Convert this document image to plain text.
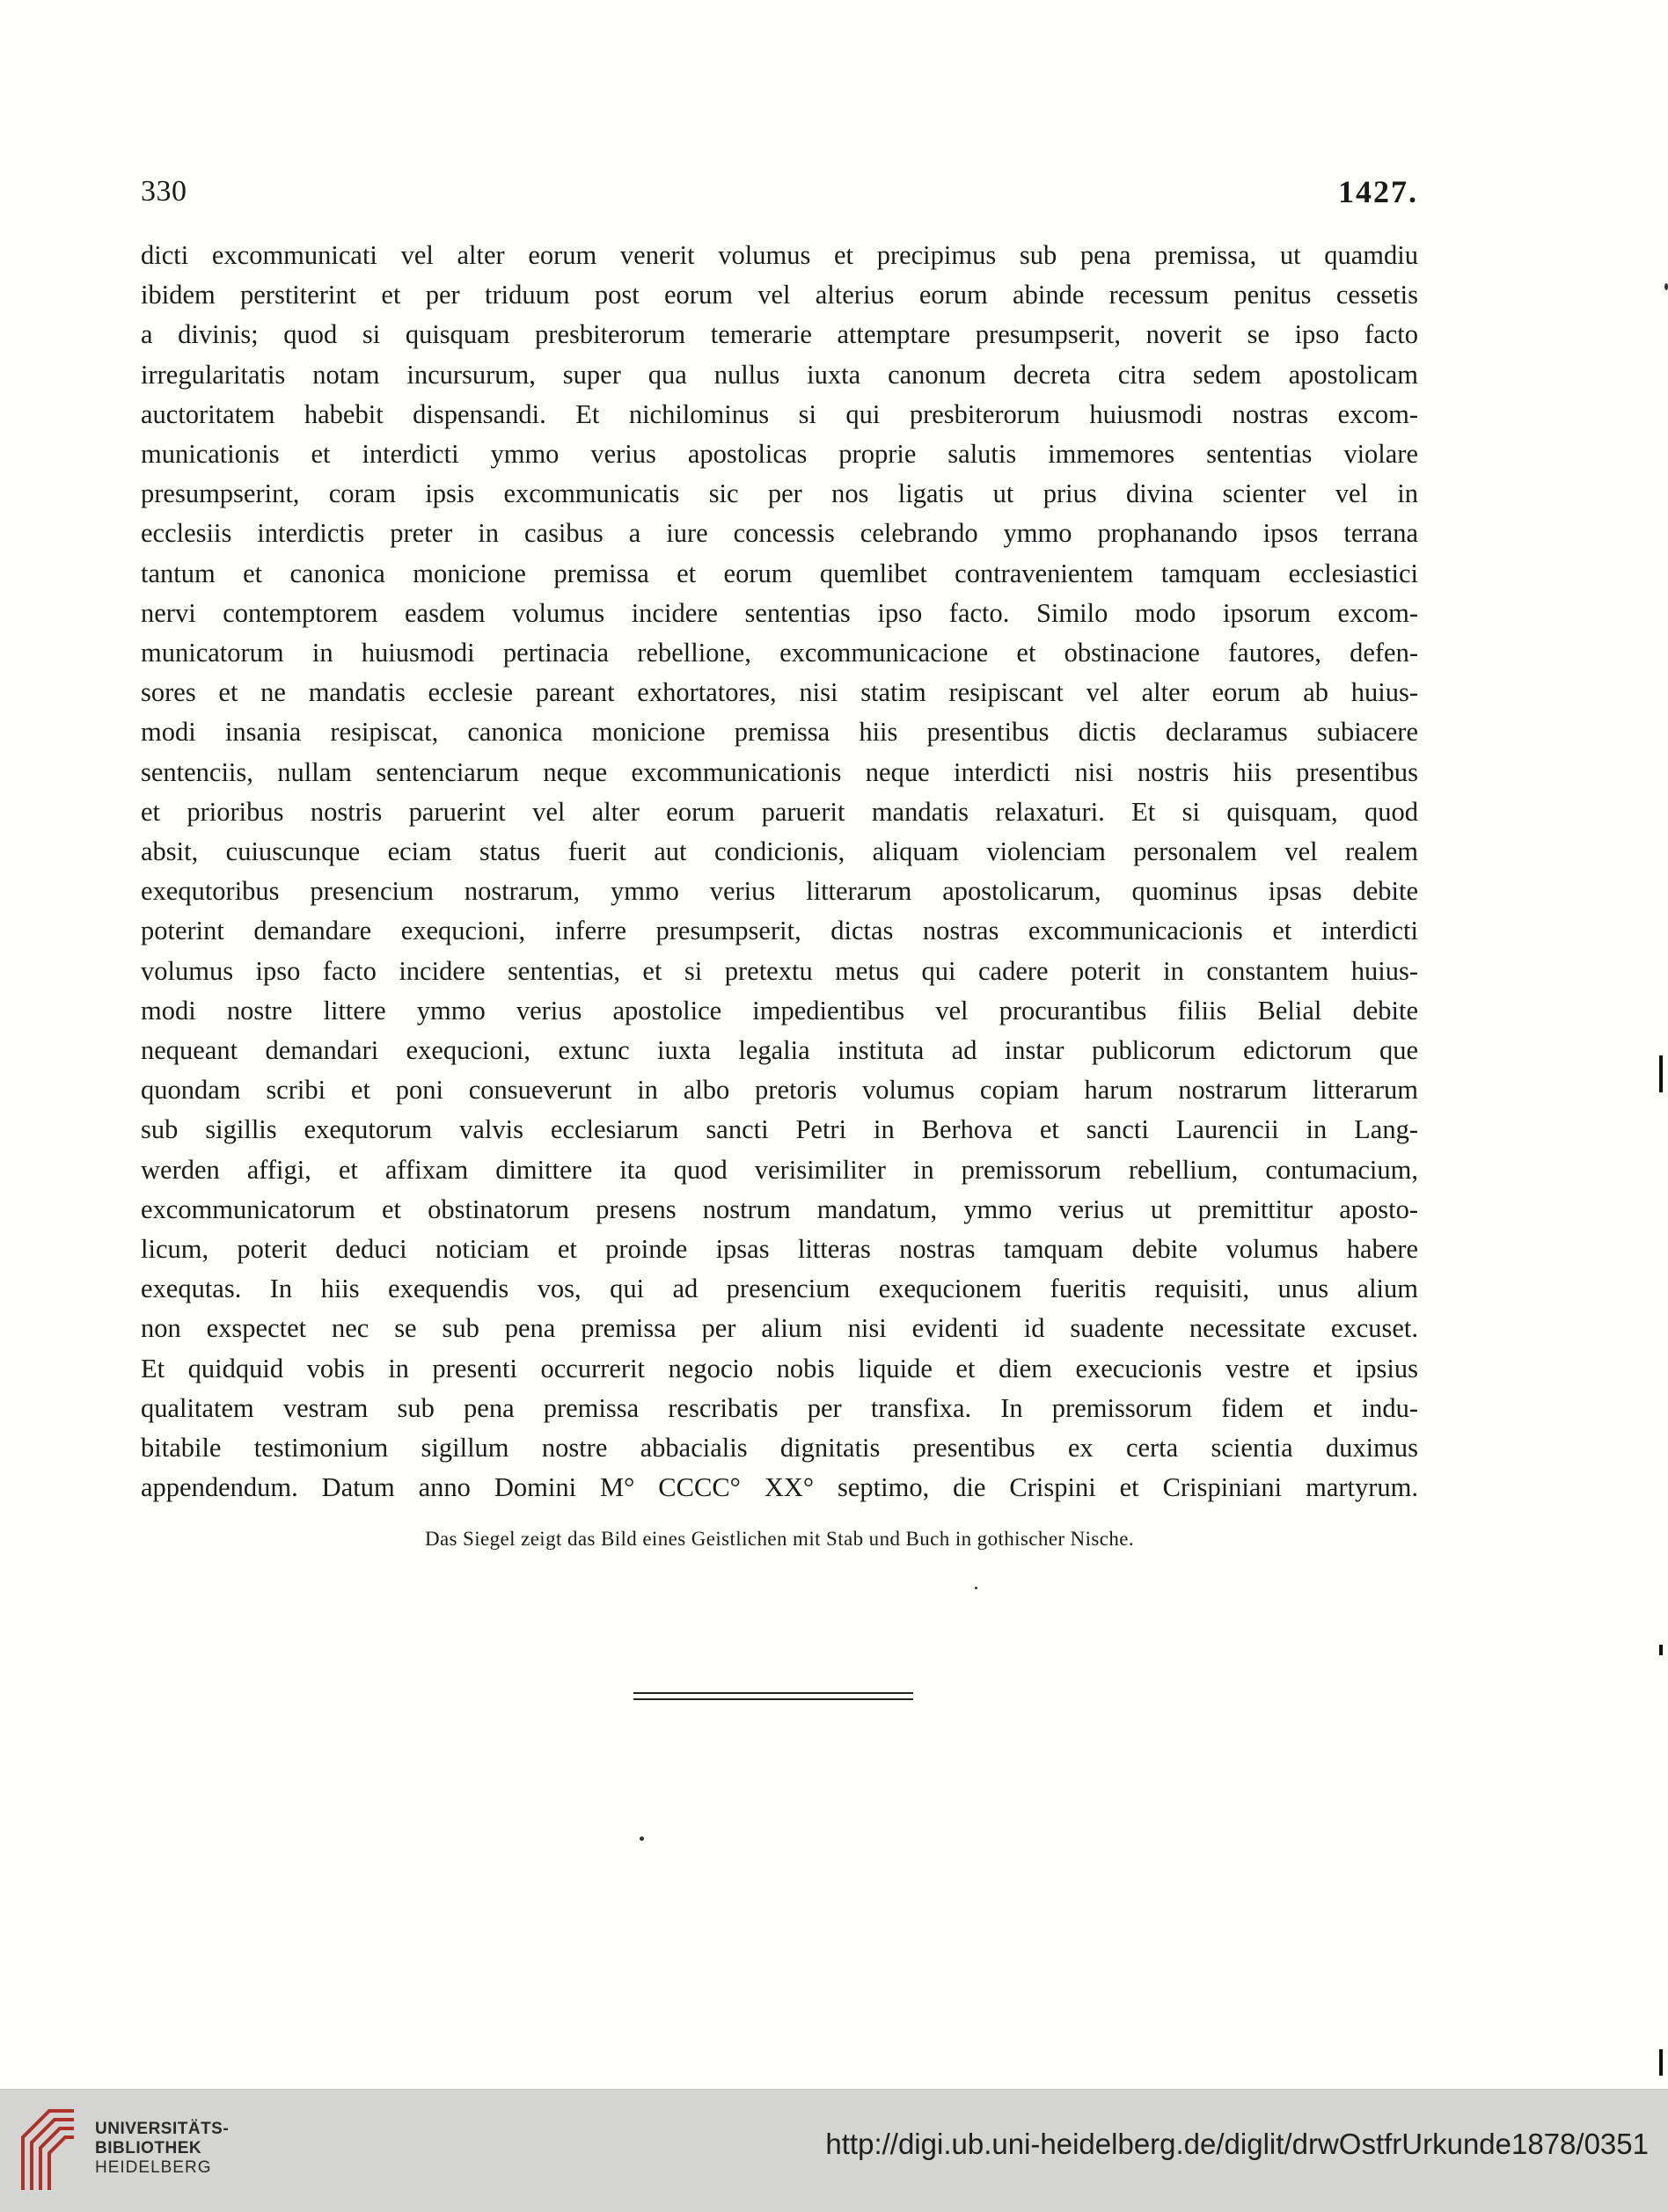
330	1427.
dicti excommunicati vel alter eorum venerit volumus et precipimus sub pena premissa, ut quamdiu
ibidem perstiterint et per triduum post eorum vel alterius eorum abinde recessum penitus cessetis
a divinis; quod si quisquam presbiterorum temerarie attemptare presumpserit, noverit se ipso facto
irregularitatis notam incursurum, super qua nullus iuxta canonum decreta citra sedem apostolicam
auctoritatem habebit dispensandi. Et nichilominus si qui presbiterorum huiusmodi nostras excom-
municationis et interdicti ymmo verius apostolicas proprie salutis immemores sententias violare
presumpserint, coram ipsis excommunicatis sic per nos ligatis ut prius divina scienter vel in
ecclesiis interdictis preter in casibus a iure concessis celebrando ymmo prophanando ipsos terrana
tantum et canonica monicione premissa et eorum quemlibet contravenientem tamquam ecclesiastici
nervi contemptorem easdem volumus incidere sententias ipso facto. Similo modo ipsorum excom-
municatorum in huiusmodi pertinacia rebellione, excommunicacione et obstinacione fautores, defen-
sores et ne mandatis ecclesie pareant exhortatores, nisi statim resipiscant vel alter eorum ab huius-
modi insania resipiscat, canonica monicione premissa hiis presentibus dictis declaramus subiacere
sentenciis, nullam sentenciarum neque excommunicationis neque interdicti nisi nostris hiis presentibus
et prioribus nostris paruerint vel alter eorum paruerit mandatis relaxaturi. Et si quisquam, quod
absit, cuiuscunque eciam status fuerit aut condicionis, aliquam violenciam personalem vel realem
exequtoribus presencium nostrarum, ymmo verius litterarum apostolicarum, quominus ipsas debite
poterint demandare exequcioni, inferre presumpserit, dictas nostras excommunicacionis et interdicti
volumus ipso facto incidere sententias, et si pretextu metus qui cadere poterit in constantem huius-
modi nostre littere ymmo verius apostolice impedientibus vel procurantibus filiis Belial debite
nequeant demandari exequcioni, extunc iuxta legalia instituta ad instar publicorum edictorum que
quondam scribi et poni consueverunt in albo pretoris volumus copiam harum nostrarum litterarum
sub sigillis exequtorum valvis ecclesiarum sancti Petri in Berhova et sancti Laurencii in Lang-
werden affigi, et affixam dimittere ita quod verisimiliter in premissorum rebellium, contumacium,
excommunicatorum et obstinatorum presens nostrum mandatum, ymmo verius ut premittitur aposto-
licum, poterit deduci noticiam et proinde ipsas litteras nostras tamquam debite volumus habere
exequtas. In hiis exequendis vos, qui ad presencium exequcionem fueritis requisiti, unus alium
non exspectet nec se sub pena premissa per alium nisi evidenti id suadente necessitate excuset.
Et quidquid vobis in presenti occurrerit negocio nobis liquide et diem execucionis vestre et ipsius
qualitatem vestram sub pena premissa rescribatis per transfixa. In premissorum fidem et indu-
bitabile testimonium sigillum nostre abbacialis dignitatis presentibus ex certa scientia duximus
appendendum. Datum anno Domini M° CCCC° XX° septimo, die Crispini et Crispiniani martyrum.
Das Siegel zeigt das Bild eines Geistlichen mit Stab und Buch in gothischer Nische.
UNIVERSITÄTS-
BIBLIOTHEK
HEIDELBERG
http://digi.ub.uni-heidelberg.de/diglit/drwOstfrUrkunde1878/0351
